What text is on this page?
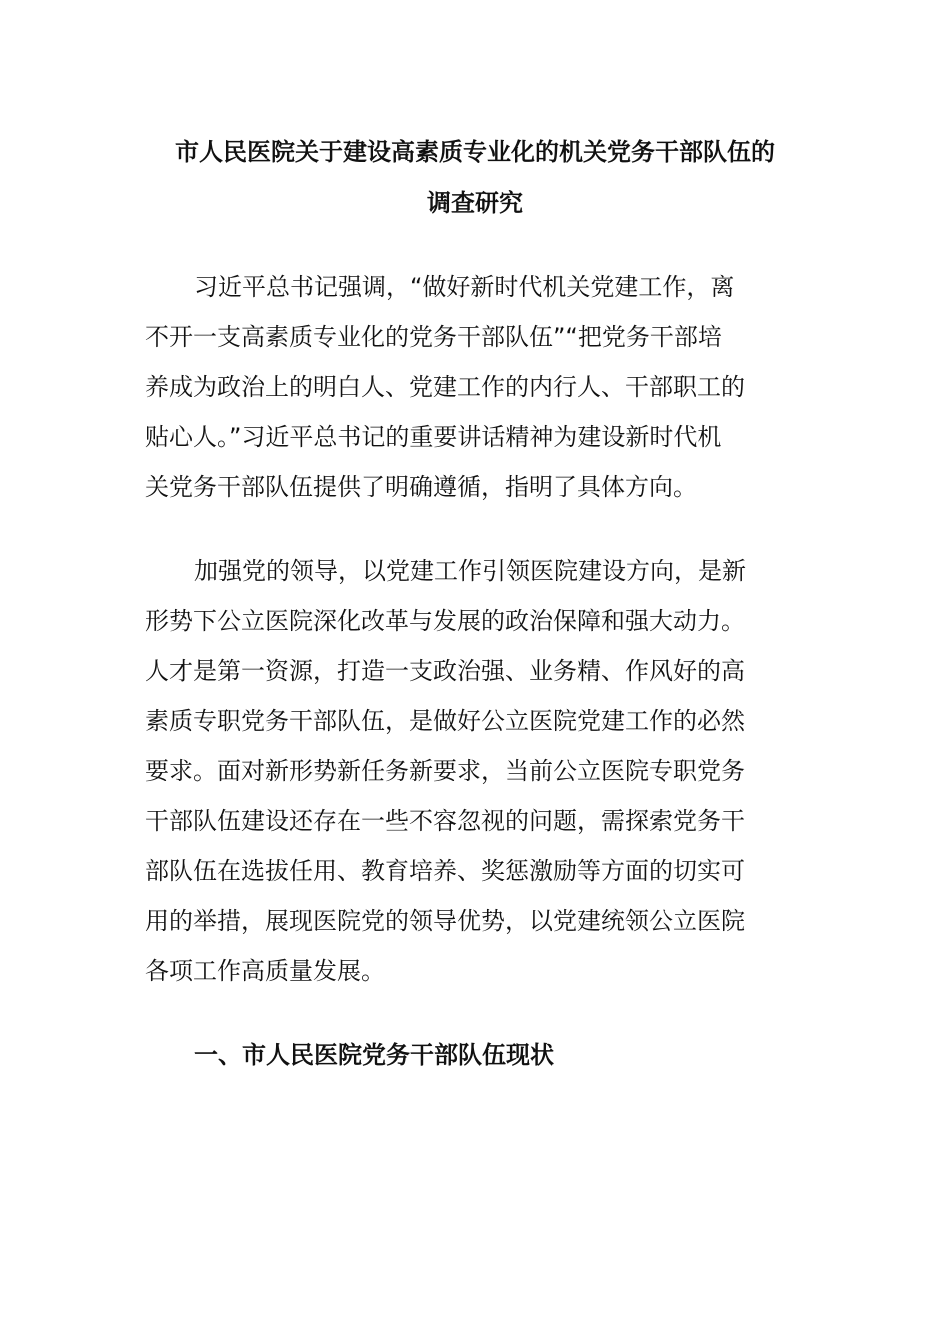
市人民医院关于建设高素质专业化的机关党务干部队伍的
调查研究
习近平总书记强调，“做好新时代机关党建工作，离
不开一支高素质专业化的党务干部队伍”“把党务干部培
养成为政治上的明白人、党建工作的内行人、干部职工的
贴心人。”习近平总书记的重要讲话精神为建设新时代机
关党务干部队伍提供了明确遵循，指明了具体方向。
加强党的领导，以党建工作引领医院建设方向，是新
形势下公立医院深化改革与发展的政治保障和强大动力。
人才是第一资源，打造一支政治强、业务精、作风好的高
素质专职党务干部队伍，是做好公立医院党建工作的必然
要求。面对新形势新任务新要求，当前公立医院专职党务
干部队伍建设还存在一些不容忽视的问题，需探索党务干
部队伍在选拔任用、教育培养、奖惩激励等方面的切实可
用的举措，展现医院党的领导优势，以党建统领公立医院
各项工作高质量发展。
一、市人民医院党务干部队伍现状
